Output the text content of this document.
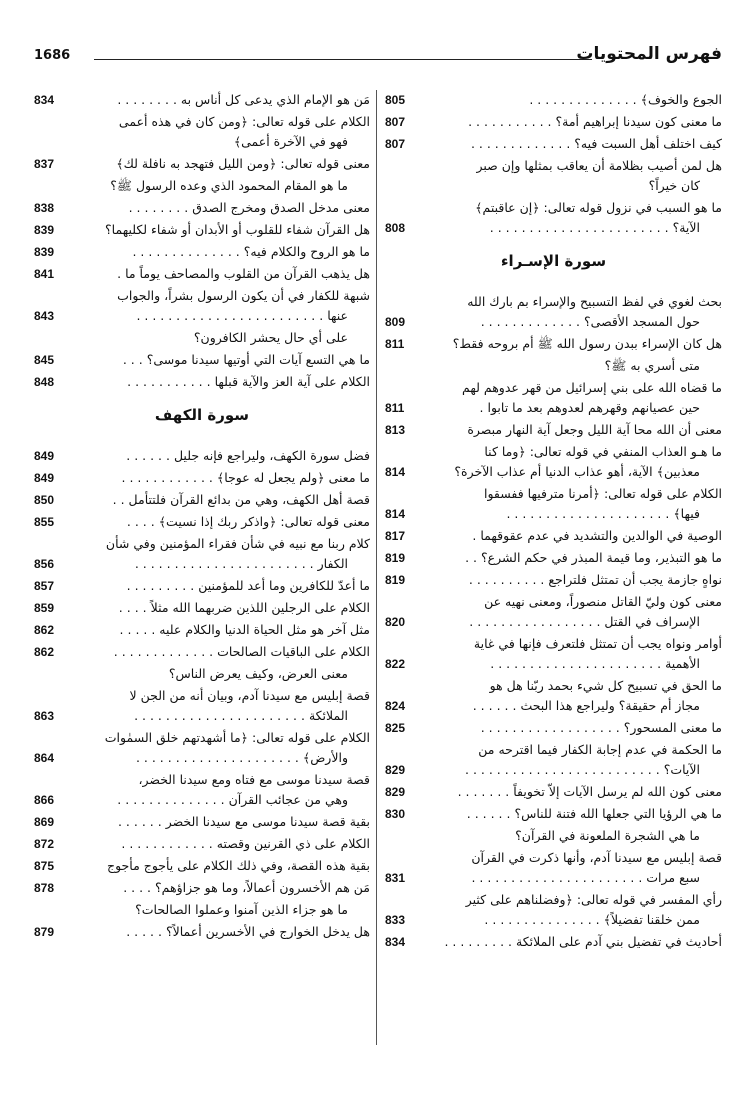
فهرس المحتويات
1686
الجوع والخوف﴾ . . . . . . . . . . . . . .
805
ما معنى كون سيدنا إبراهيم أمة؟ . . . . . . . . . . .
807
كيف اختلف أهل السبت فيه؟ . . . . . . . . . . . . .
807
هل لمن أصيب بظلامة أن يعاقب بمثلها وإن صبر
كان خيراً؟
ما هو السبب في نزول قوله تعالى: ﴿إن عاقبتم﴾
الآية؟ . . . . . . . . . . . . . . . . . . . . . . .
808
سورة الإسـراء
بحث لغوي في لفظ التسبيح والإسراء بم بارك الله
حول المسجد الأقصى؟ . . . . . . . . . . . . .
809
هل كان الإسراء ببدن رسول الله ﷺ أم بروحه فقط؟
811
متى أسري به ﷺ؟
ما قضاه الله على بني إسرائيل من قهر عدوهم لهم
حين عصيانهم وقهرهم لعدوهم بعد ما تابوا .
811
معنى أن الله محا آية الليل وجعل آية النهار مبصرة
813
ما هـو العذاب المنفي في قوله تعالى: ﴿وما كنا
معذبين﴾ الآية، أهو عذاب الدنيا أم عذاب الآخرة؟
814
الكلام على قوله تعالى: ﴿أمرنا مترفيها ففسقوا
فيها﴾ . . . . . . . . . . . . . . . . . . . . .
814
الوصية في الوالدين والتشديد في عدم عقوقهما .
817
ما هو التبذير، وما قيمة المبذر في حكم الشرع؟ . .
819
نواهٍ جازمة يجب أن تمتثل فلتراجع . . . . . . . . . .
819
معنى كون وليّ القاتل منصوراً، ومعنى نهيه عن
الإسراف في القتل . . . . . . . . . . . . . . . . .
820
أوامر ونواه يجب أن تمتثل فلتعرف فإنها في غاية
الأهمية . . . . . . . . . . . . . . . . . . . . . .
822
ما الحق في تسبيح كل شيء بحمد ربّنا هل هو
مجاز أم حقيقة؟ وليراجع هذا البحث . . . . . .
824
ما معنى المسحور؟ . . . . . . . . . . . . . . . . . .
825
ما الحكمة في عدم إجابة الكفار فيما اقترحه من
الآيات؟ . . . . . . . . . . . . . . . . . . . . . . . . .
829
معنى كون الله لم يرسل الآيات إلاّ تخويفاً . . . . . . .
829
ما هي الرؤيا التي جعلها الله فتنة للناس؟ . . . . . .
830
ما هي الشجرة الملعونة في القرآن؟
قصة إبليس مع سيدنا آدم، وأنها ذكرت في القرآن
سبع مرات . . . . . . . . . . . . . . . . . . . . . .
831
رأي المفسر في قوله تعالى: ﴿وفضلناهم على كثير
ممن خلقنا تفضيلاً﴾ . . . . . . . . . . . . . . .
833
أحاديث في تفضيل بني آدم على الملائكة . . . . . . . . .
834
مَن هو الإمام الذي يدعى كل أناس به . . . . . . . .
834
الكلام على قوله تعالى: ﴿ومن كان في هذه أعمى
فهو في الآخرة أعمى﴾
معنى قوله تعالى: ﴿ومن الليل فتهجد به نافلة لك﴾
837
ما هو المقام المحمود الذي وعده الرسول ﷺ؟
معنى مدخل الصدق ومخرج الصدق . . . . . . . .
838
هل القرآن شفاء للقلوب أو الأبدان أو شفاء لكليهما؟
839
ما هو الروح والكلام فيه؟ . . . . . . . . . . . . . .
839
هل يذهب القرآن من القلوب والمصاحف يوماً ما .
841
شبهة للكفار في أن يكون الرسول بشراً، والجواب
عنها . . . . . . . . . . . . . . . . . . . . . . . .
843
على أي حال يحشر الكافرون؟
ما هي التسع آيات التي أوتيها سيدنا موسى؟ . . .
845
الكلام على آية العز والآية قبلها . . . . . . . . . . .
848
سورة الكهف
فضل سورة الكهف، وليراجع فإنه جليل . . . . . .
849
ما معنى ﴿ولم يجعل له عوجا﴾ . . . . . . . . . . . .
849
قصة أهل الكهف، وهي من بدائع القرآن فلتتأمل . .
850
معنى قوله تعالى: ﴿واذكر ربك إذا نسيت﴾ . . . .
855
كلام ربنا مع نبيه في شأن فقراء المؤمنين وفي شأن
الكفار . . . . . . . . . . . . . . . . . . . . . . .
856
ما أعدّ للكافرين وما أعد للمؤمنين . . . . . . . . .
857
الكلام على الرجلين اللذين ضربهما الله مثلاً . . . .
859
مثل آخر هو مثل الحياة الدنيا والكلام عليه . . . . .
862
الكلام على الباقيات الصالحات . . . . . . . . . . . . .
862
معنى العرض، وكيف يعرض الناس؟
قصة إبليس مع سيدنا آدم، وبيان أنه من الجن لا
الملائكة . . . . . . . . . . . . . . . . . . . . . .
863
الكلام على قوله تعالى: ﴿ما أشهدتهم خلق السمٰوات
والأرض﴾ . . . . . . . . . . . . . . . . . . . . .
864
قصة سيدنا موسى مع فتاه ومع سيدنا الخضر،
وهي من عجائب القرآن . . . . . . . . . . . . . .
866
بقية قصة سيدنا موسى مع سيدنا الخضر . . . . . .
869
الكلام على ذي القرنين وقصته . . . . . . . . . . . .
872
بقية هذه القصة، وفي ذلك الكلام على يأجوج مأجوج
875
مَن هم الأخسرون أعمالاً، وما هو جزاؤهم؟ . . . .
878
ما هو جزاء الذين آمنوا وعملوا الصالحات؟
هل يدخل الخوارج في الأخسرين أعمالاً؟ . . . . .
879
